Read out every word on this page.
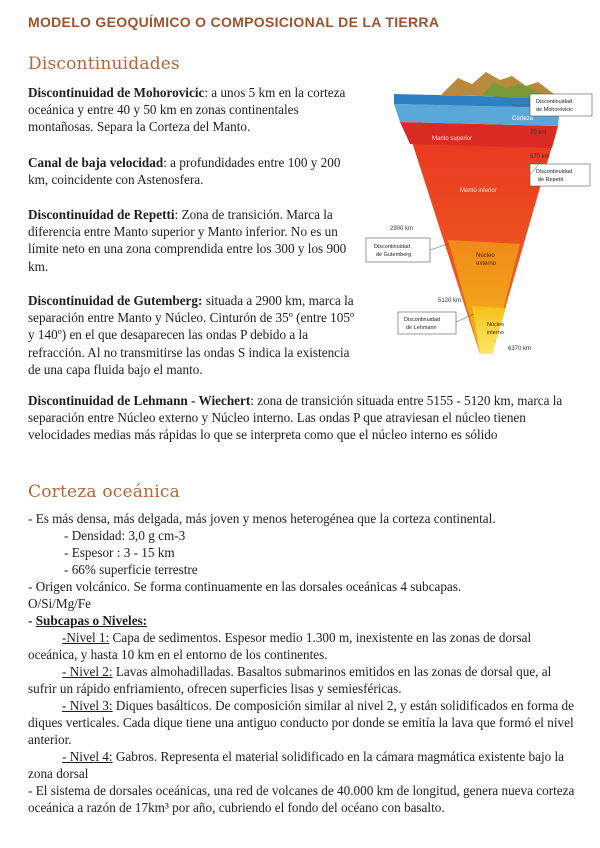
MODELO GEOQUÍMICO O COMPOSICIONAL DE LA TIERRA
Discontinuidades
Discontinuidad de Mohorovicic: a unos 5 km en la corteza oceánica y entre 40 y 50 km en zonas continentales montañosas. Separa la Corteza del Manto.
Canal de baja velocidad: a profundidades entre 100 y 200 km, coincidente con Astenosfera.
Discontinuidad de Repetti: Zona de transición. Marca la diferencia entre Manto superior y Manto inferior. No es un límite neto en una zona comprendida entre los 300 y los 900 km.
Discontinuidad de Gutemberg: situada a 2900 km, marca la separación entre Manto y Núcleo. Cinturón de 35º (entre 105º y 140º) en el que desaparecen las ondas P debido a la refracción. Al no transmitirse las ondas S indica la existencia de una capa fluida bajo el manto.
Corteza
Manto superior
Manto inferior
Núcleo
externo
Núcleo
interno
70 km
670 km
2900 km
5120 km
6370 km
Discontinuidad
de Mohorovicic
Discontinuidad
de Repetti
Discontinuidad
de Gutemberg
Discontinuidad
de Lehmann
Discontinuidad de Lehmann - Wiechert: zona de transición situada entre 5155 - 5120 km, marca la separación entre Núcleo externo y Núcleo interno. Las ondas P que atraviesan el núcleo tienen velocidades medias más rápidas lo que se interpreta como que el núcleo interno es sólido
Corteza oceánica
- Es más densa, más delgada, más joven y menos heterogénea que la corteza continental.
- Densidad: 3,0 g cm-3
- Espesor : 3 - 15 km
- 66% superficie terrestre
- Origen volcánico. Se forma continuamente en las dorsales oceánicas 4 subcapas.
O/Si/Mg/Fe
- Subcapas o Niveles:
-Nivel 1: Capa de sedimentos. Espesor medio 1.300 m, inexistente en las zonas de dorsal oceánica, y hasta 10 km en el entorno de los continentes.
- Nivel 2: Lavas almohadilladas. Basaltos submarinos emitidos en las zonas de dorsal que, al sufrir un rápido enfriamiento, ofrecen superficies lisas y semiesféricas.
- Nivel 3: Diques basálticos. De composición similar al nivel 2, y están solidificados en forma de diques verticales. Cada dique tiene una antiguo conducto por donde se emitía la lava que formó el nivel anterior.
- Nivel 4: Gabros. Representa el material solidificado en la cámara magmática existente bajo la zona dorsal
- El sistema de dorsales oceánicas, una red de volcanes de 40.000 km de longitud, genera nueva corteza oceánica a razón de 17km³ por año, cubriendo el fondo del océano con basalto.
